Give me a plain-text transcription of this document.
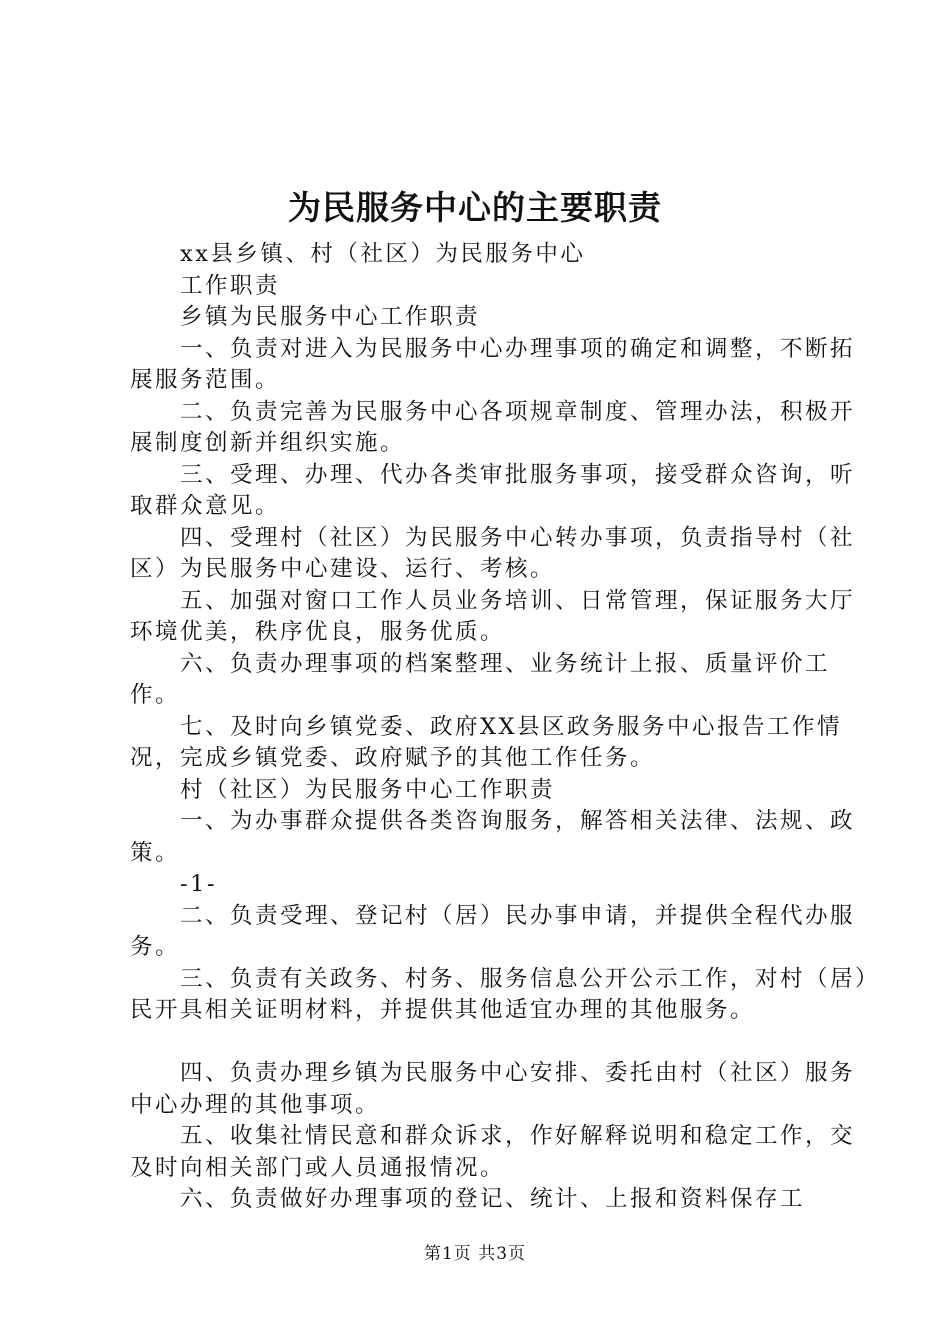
为民服务中心的主要职责

xx县乡镇、村（社区）为民服务中心

工作职责

乡镇为民服务中心工作职责

一、负责对进入为民服务中心办理事项的确定和调整，不断拓展服务范围。

二、负责完善为民服务中心各项规章制度、管理办法，积极开展制度创新并组织实施。

三、受理、办理、代办各类审批服务事项，接受群众咨询，听取群众意见。

四、受理村（社区）为民服务中心转办事项，负责指导村（社区）为民服务中心建设、运行、考核。

五、加强对窗口工作人员业务培训、日常管理，保证服务大厅环境优美，秩序优良，服务优质。

六、负责办理事项的档案整理、业务统计上报、质量评价工作。

七、及时向乡镇党委、政府XX县区政务服务中心报告工作情况，完成乡镇党委、政府赋予的其他工作任务。

村（社区）为民服务中心工作职责

一、为办事群众提供各类咨询服务，解答相关法律、法规、政策。

-1-

二、负责受理、登记村（居）民办事申请，并提供全程代办服务。

三、负责有关政务、村务、服务信息公开公示工作，对村（居）民开具相关证明材料，并提供其他适宜办理的其他服务。

四、负责办理乡镇为民服务中心安排、委托由村（社区）服务中心办理的其他事项。

五、收集社情民意和群众诉求，作好解释说明和稳定工作，交及时向相关部门或人员通报情况。

六、负责做好办理事项的登记、统计、上报和资料保存工

第1页 共3页
